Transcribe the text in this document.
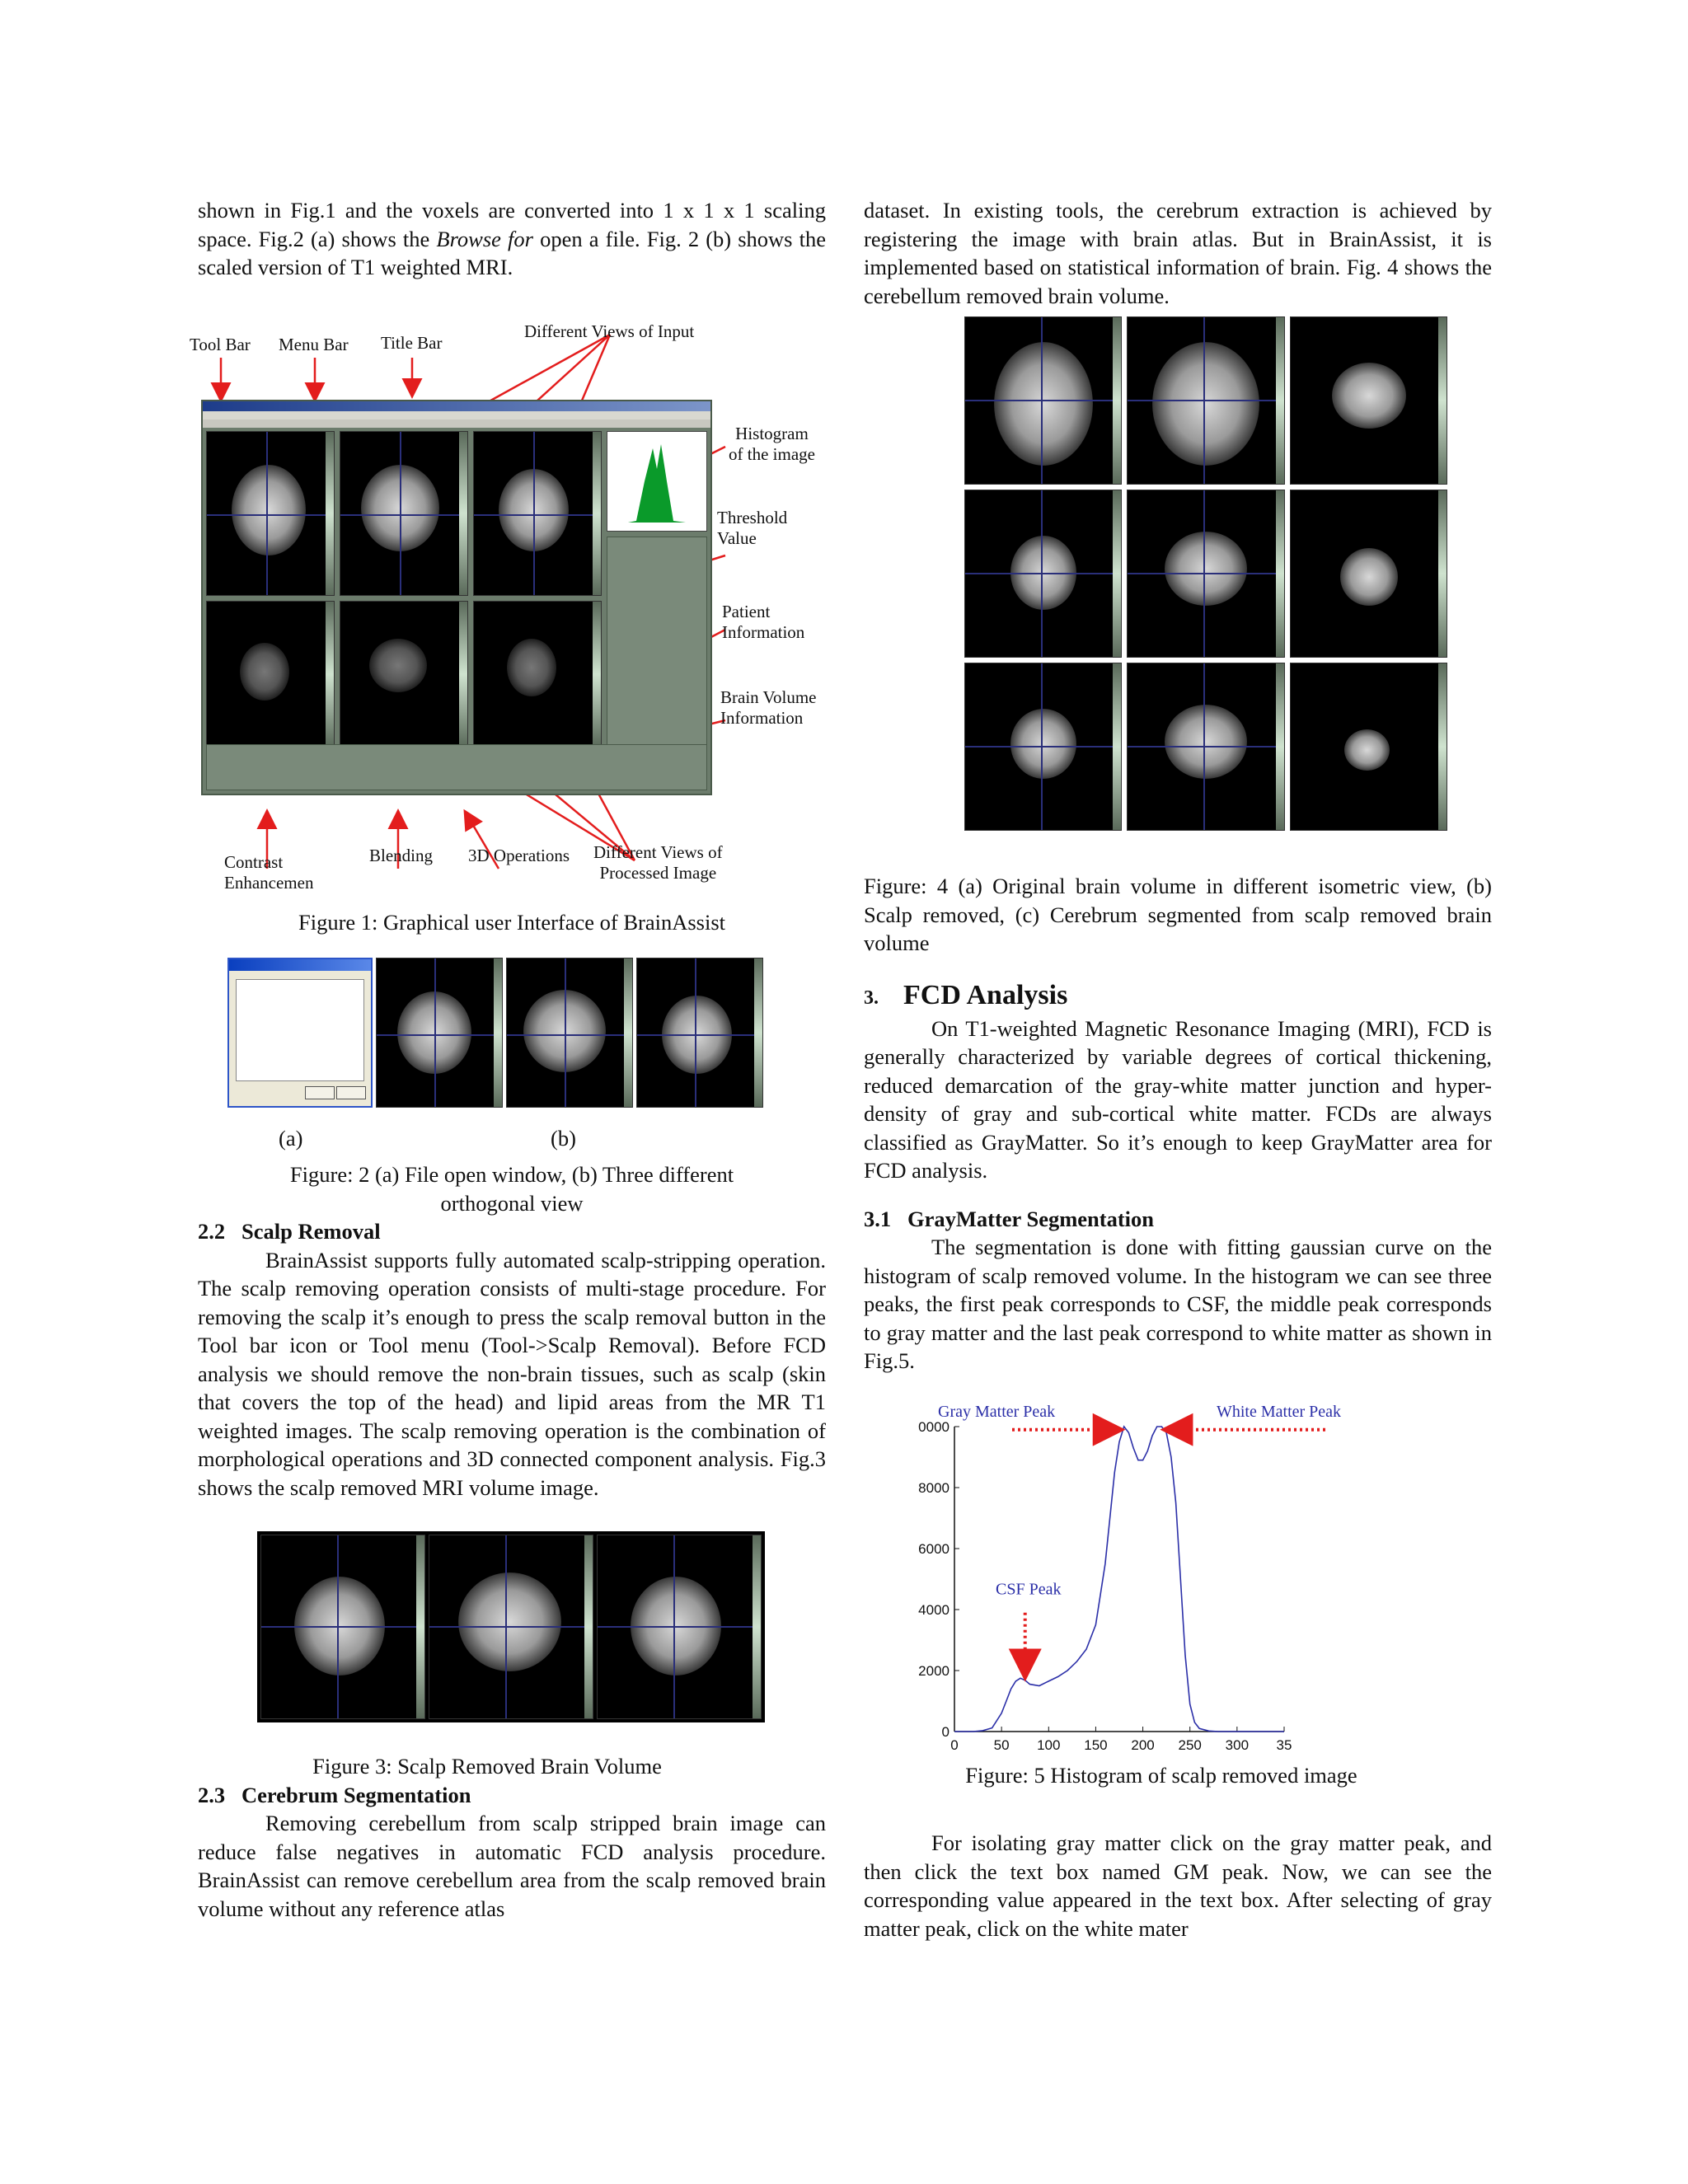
shown in Fig.1 and the voxels are converted into 1 x 1 x 1 scaling space. Fig.2 (a) shows the Browse for open a file. Fig. 2 (b) shows the scaled version of T1 weighted MRI.

Tool Bar Menu Bar Title Bar
Different Views of Input
Histogram
of the image
Threshold Value
Patient
Information
Brain Volume
Information
Contrast
Enhancemen
Blending 3D Operations Different Views of
Processed Image

Figure 1: Graphical user Interface of BrainAssist

(a)	(b)

Figure: 2 (a) File open window, (b) Three different orthogonal view

2.2 Scalp Removal

BrainAssist supports fully automated scalp-stripping operation. The scalp removing operation consists of multi-stage procedure. For removing the scalp it’s enough to press the scalp removal button in the Tool bar icon or Tool menu (Tool->Scalp Removal). Before FCD analysis we should remove the non-brain tissues, such as scalp (skin that covers the top of the head) and lipid areas from the MR T1 weighted images. The scalp removing operation is the combination of morphological operations and 3D connected component analysis. Fig.3 shows the scalp removed MRI volume image.

Figure 3: Scalp Removed Brain Volume

2.3 Cerebrum Segmentation

Removing cerebellum from scalp stripped brain image can reduce false negatives in automatic FCD analysis procedure. BrainAssist can remove cerebellum area from the scalp removed brain volume without any reference atlas

dataset. In existing tools, the cerebrum extraction is achieved by registering the image with brain atlas. But in BrainAssist, it is implemented based on statistical information of brain. Fig. 4 shows the cerebellum removed brain volume.

Figure: 4 (a) Original brain volume in different isometric view, (b) Scalp removed, (c) Cerebrum segmented from scalp removed brain volume

3. FCD Analysis

On T1-weighted Magnetic Resonance Imaging (MRI), FCD is generally characterized by variable degrees of cortical thickening, reduced demarcation of the gray-white matter junction and hyper-density of gray and sub-cortical white matter. FCDs are always classified as GrayMatter. So it’s enough to keep GrayMatter area for FCD analysis.

3.1 GrayMatter Segmentation

The segmentation is done with fitting gaussian curve on the histogram of scalp removed volume. In the histogram we can see three peaks, the first peak corresponds to CSF, the middle peak corresponds to gray matter and the last peak correspond to white matter as shown in Fig.5.

0	50 100 150 200 250 300 35
0
2000
4000
6000
8000
0000
Gray Matter Peak	White Matter Peak
CSF Peak

Figure: 5 Histogram of scalp removed image

For isolating gray matter click on the gray matter peak, and then click the text box named GM peak. Now, we can see the corresponding value appeared in the text box. After selecting of gray matter peak, click on the white mater
